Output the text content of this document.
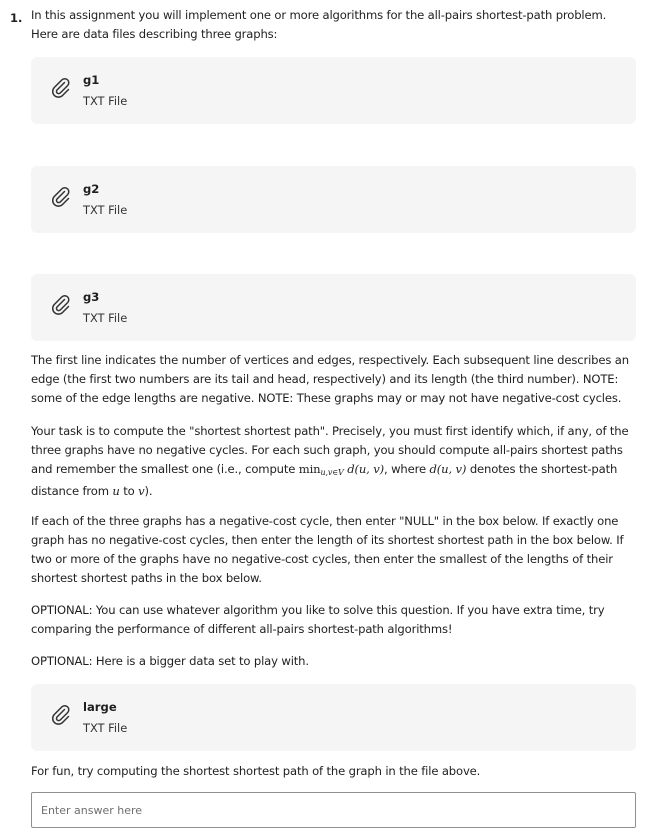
1. In this assignment you will implement one or more algorithms for the all-pairs shortest-path problem. Here are data files describing three graphs:
g1
TXT File
g2
TXT File
g3
TXT File

The first line indicates the number of vertices and edges, respectively. Each subsequent line describes an edge (the first two numbers are its tail and head, respectively) and its length (the third number). NOTE: some of the edge lengths are negative. NOTE: These graphs may or may not have negative-cost cycles.

Your task is to compute the "shortest shortest path". Precisely, you must first identify which, if any, of the three graphs have no negative cycles. For each such graph, you should compute all-pairs shortest paths and remember the smallest one (i.e., compute $\min_{u,v\in V} d(u$, v), where d(u, v) denotes the shortest-path distance from u to v).

If each of the three graphs has a negative-cost cycle, then enter "NULL" in the box below. If exactly one graph has no negative-cost cycles, then enter the length of its shortest shortest path in the box below. If two or more of the graphs have no negative-cost cycles, then enter the smallest of the lengths of their shortest shortest paths in the box below.

OPTIONAL: You can use whatever algorithm you like to solve this question. If you have extra time, try comparing the performance of different all-pairs shortest-path algorithms!

OPTIONAL: Here is a bigger data set to play with.

large
TXT File

For fun, try computing the shortest shortest path of the graph in the file above.

Enter answer here
